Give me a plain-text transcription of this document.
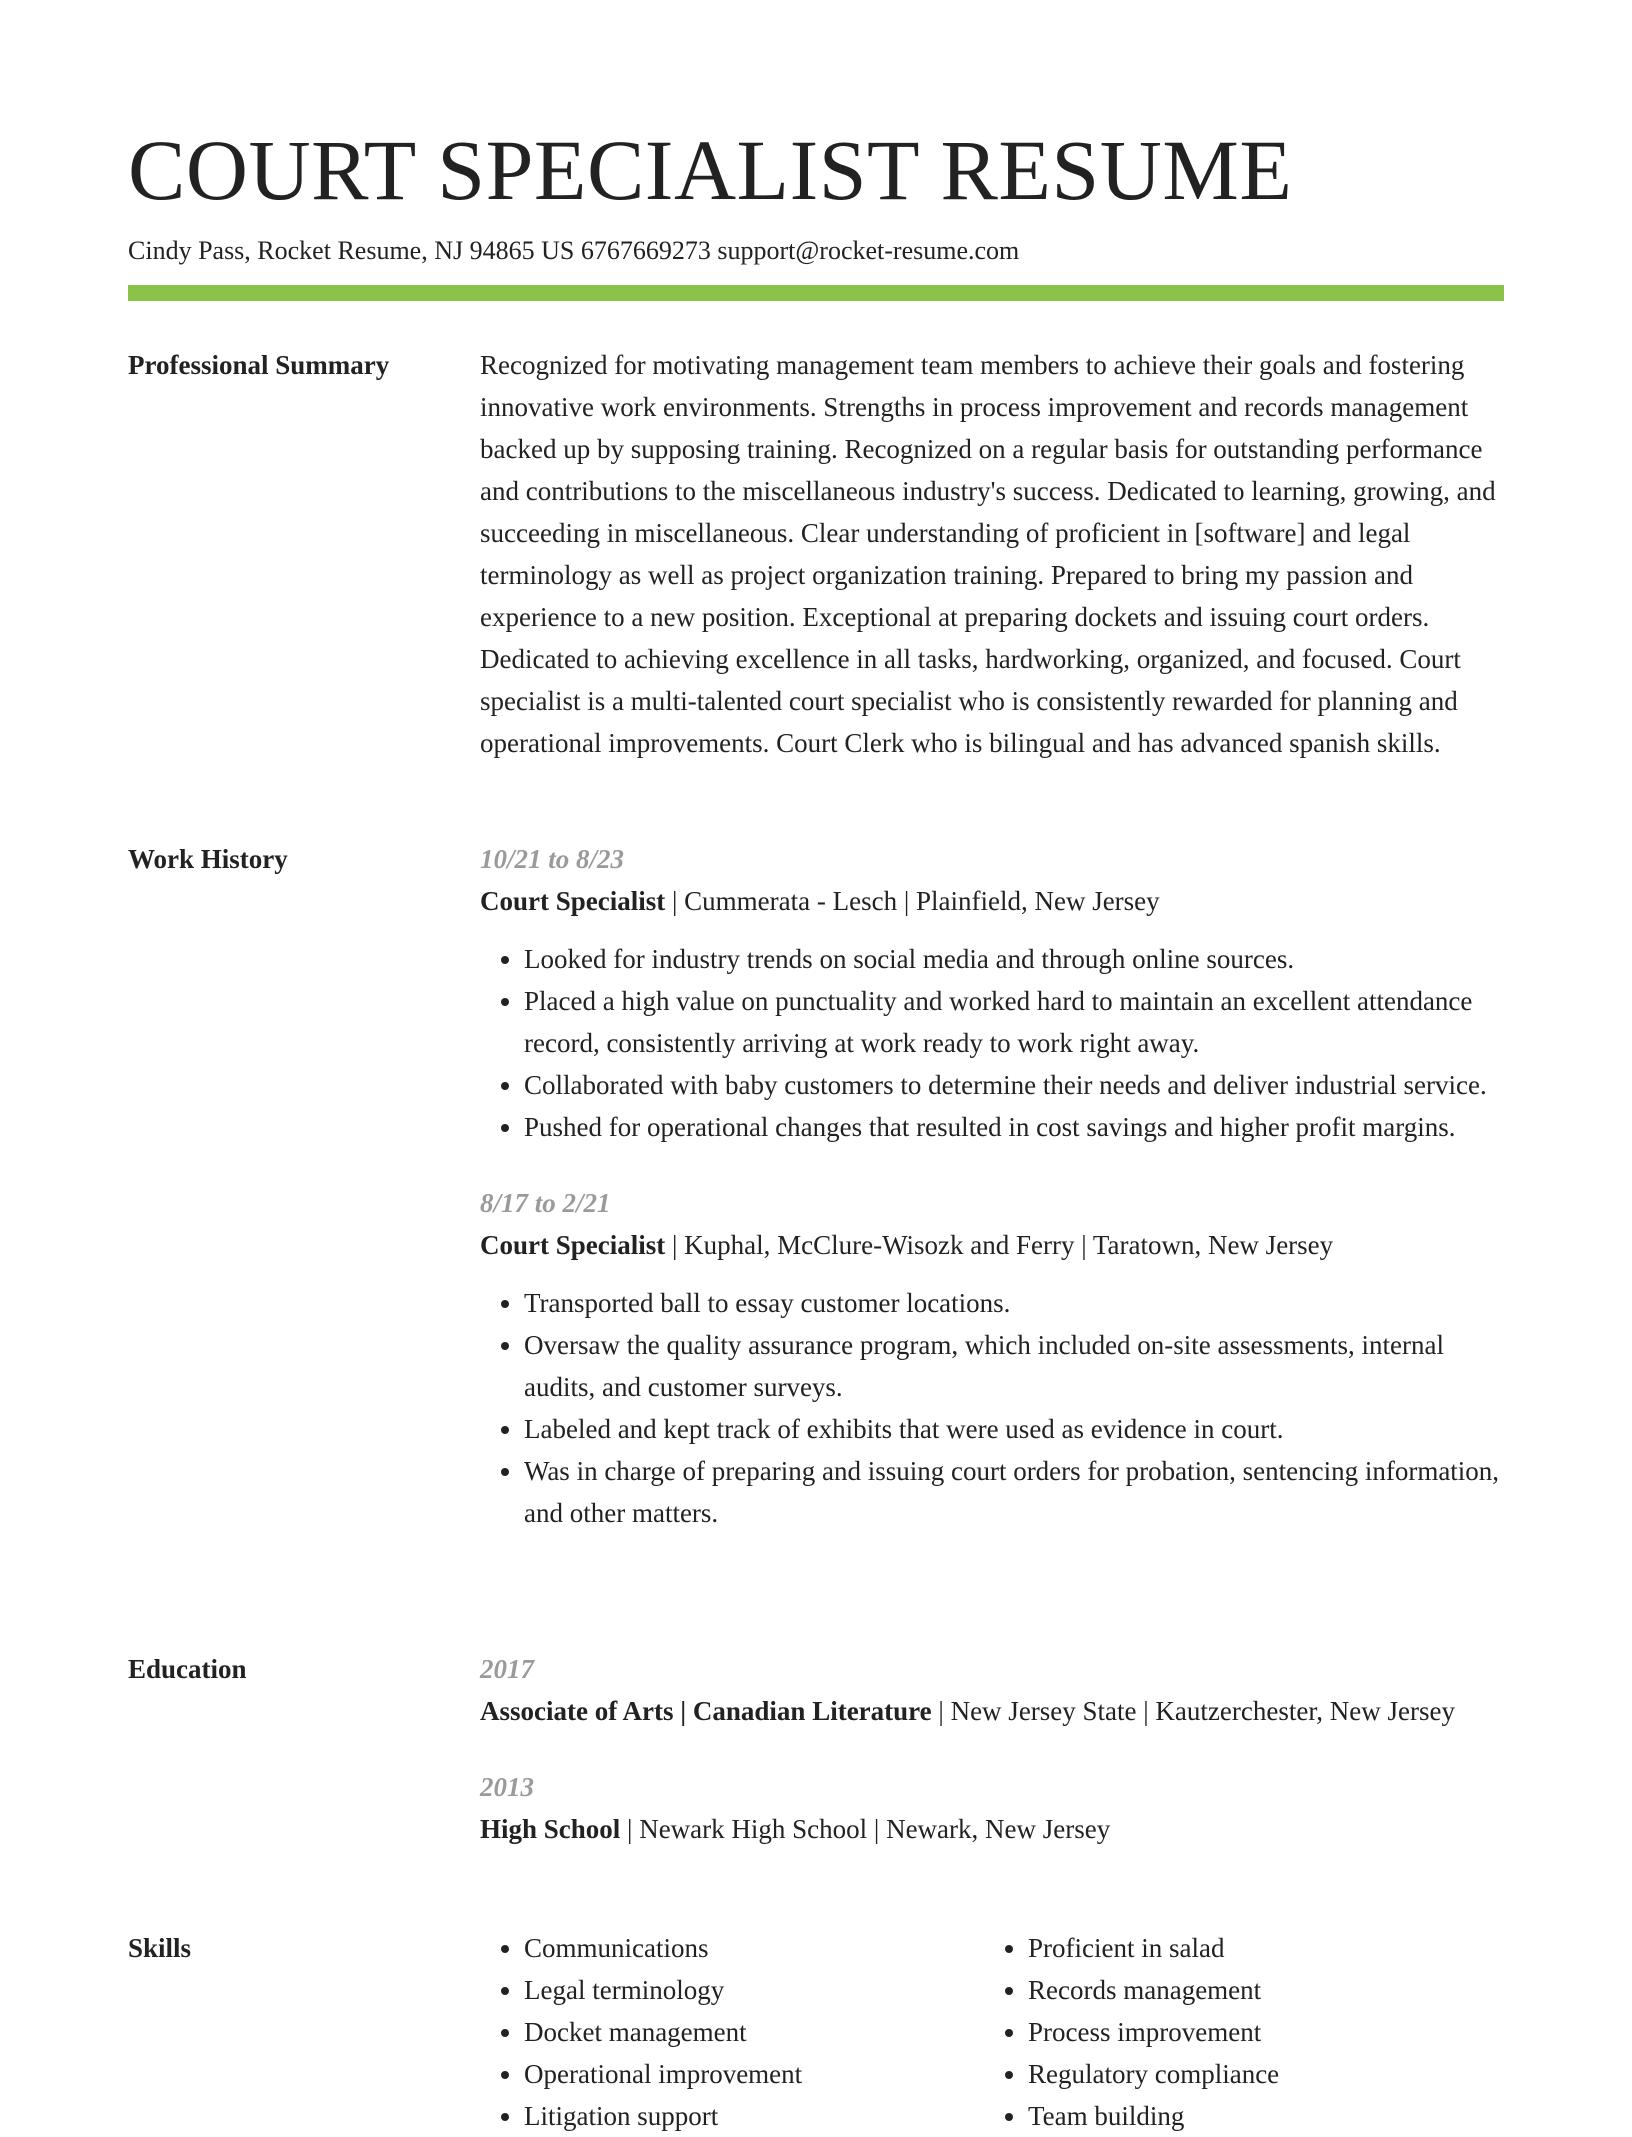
COURT SPECIALIST RESUME
Cindy Pass, Rocket Resume, NJ 94865 US 6767669273 support@rocket-resume.com
Professional Summary	Recognized for motivating management team members to achieve their goals and fostering innovative work environments. Strengths in process improvement and records management backed up by supposing training. Recognized on a regular basis for outstanding performance and contributions to the miscellaneous industry's success. Dedicated to learning, growing, and succeeding in miscellaneous. Clear understanding of proficient in [software] and legal terminology as well as project organization training. Prepared to bring my passion and experience to a new position. Exceptional at preparing dockets and issuing court orders. Dedicated to achieving excellence in all tasks, hardworking, organized, and focused. Court specialist is a multi-talented court specialist who is consistently rewarded for planning and operational improvements. Court Clerk who is bilingual and has advanced spanish skills.

Work History	10/21 to 8/23
Court Specialist | Cummerata - Lesch | Plainfield, New Jersey
• Looked for industry trends on social media and through online sources.
• Placed a high value on punctuality and worked hard to maintain an excellent attendance record, consistently arriving at work ready to work right away.
• Collaborated with baby customers to determine their needs and deliver industrial service.
• Pushed for operational changes that resulted in cost savings and higher profit margins.
8/17 to 2/21
Court Specialist | Kuphal, McClure-Wisozk and Ferry | Taratown, New Jersey
• Transported ball to essay customer locations.
• Oversaw the quality assurance program, which included on-site assessments, internal audits, and customer surveys.
• Labeled and kept track of exhibits that were used as evidence in court.
• Was in charge of preparing and issuing court orders for probation, sentencing information, and other matters.
Education	2017
Associate of Arts | Canadian Literature | New Jersey State | Kautzerchester, New Jersey
2013
High School | Newark High School | Newark, New Jersey
Skills
•	Communications
• Legal terminology
• Docket management
• Operational improvement
• Litigation support
• Proficient in salad
• Records management
• Process improvement
• Regulatory compliance
• Team building
